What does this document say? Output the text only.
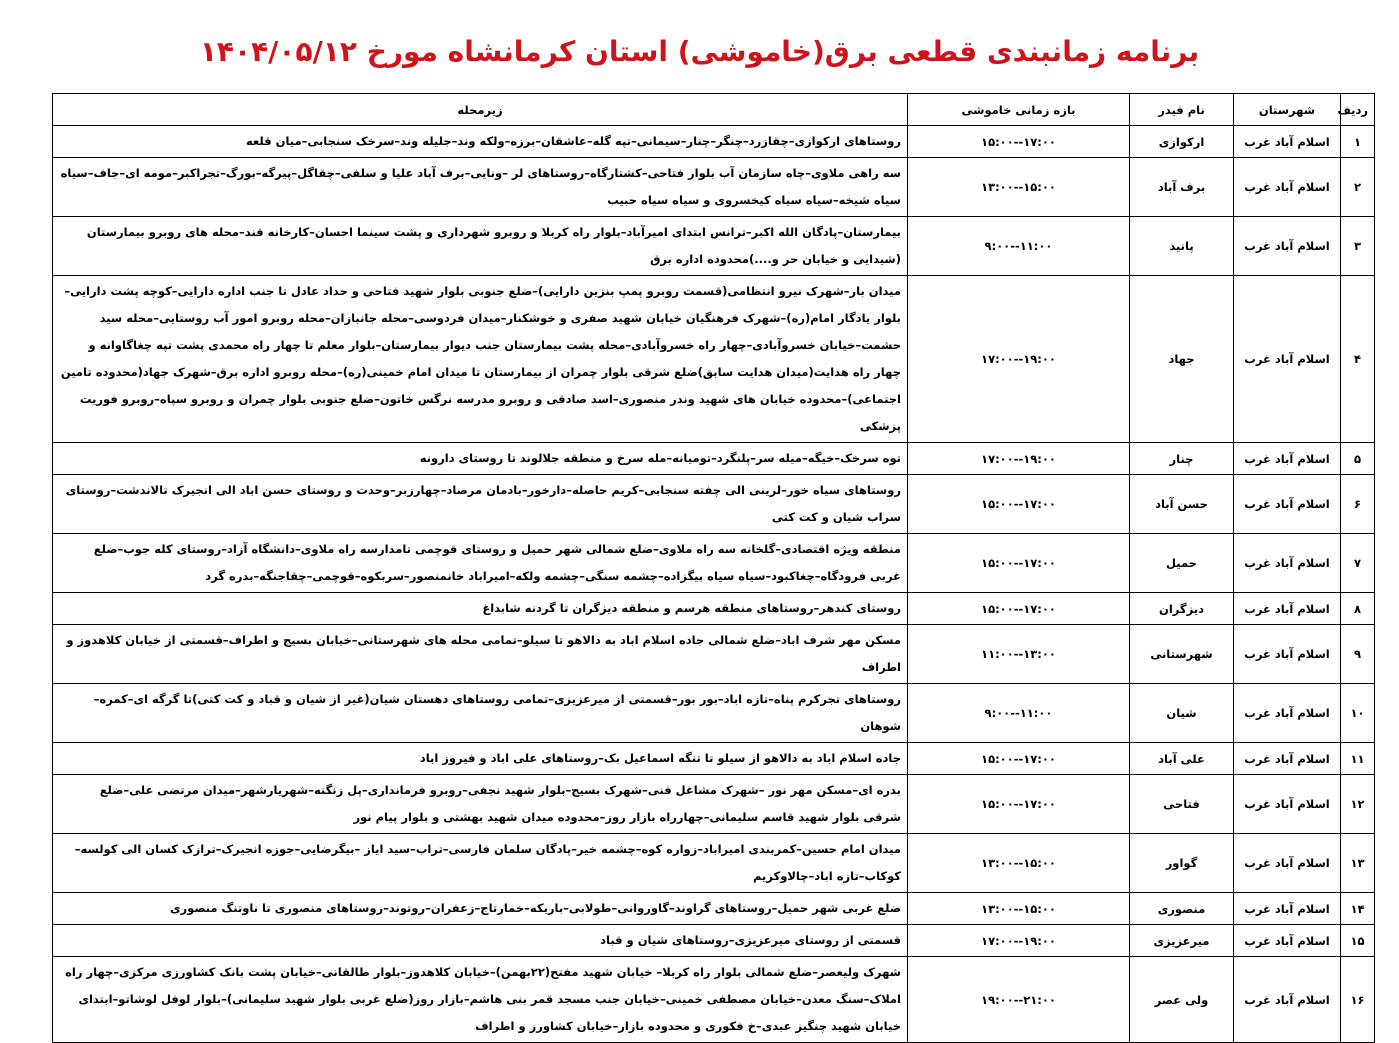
برنامه زمانبندی قطعی برق(خاموشی) استان کرمانشاه مورخ ۱۴۰۴/۰۵/۱۲
ردیف	شهرستان	نام فیدر	بازه زمانی خاموشی	زیرمحله
۱	اسلام آباد غرب	ارکوازی	۱۵:۰۰--۱۷:۰۰	روستاهای ارکوازی–چقازرد–چنگر–چنار–سیمانی–تپه گله–عاشقان–برزه–ولکه وند–جلیله وند–سرخک سنجابی–میان قلعه
۲	اسلام آباد غرب	برف آباد	۱۳:۰۰--۱۵:۰۰	سه راهی ملاوی–چاه سازمان آب بلوار فتاحی–کشتارگاه–روستاهای لر –ونایی–برف آباد علیا و سلفی–چقاگل–پیرگه–بورگ–تجراکبر–مومه ای–جاف–سیاه سیاه شیخه–سیاه سیاه کیخسروی و سیاه سیاه حبیب
۳	اسلام آباد غرب	پانیذ	۹:۰۰--۱۱:۰۰	بیمارستان–پادگان الله اکبر–ترانس ابتدای امیرآباد–بلوار راه کربلا و روبرو شهرداری و پشت سینما احسان–کارخانه قند–محله های روبرو بیمارستان (شیدایی و خیابان حر و....)محدوده اداره برق
۴	اسلام آباد غرب	جهاد	۱۷:۰۰--۱۹:۰۰	میدان بار–شهرک نیرو انتظامی(قسمت روبرو پمپ بنزین دارایی)–ضلع جنوبی بلوار شهید فتاحی و حداد عادل تا جنب اداره دارایی–کوچه پشت دارایی–بلوار یادگار امام(ره)–شهرک فرهنگیان خیابان شهید صفری و خوشکنار–میدان فردوسی–محله جانبازان–محله روبرو امور آب روستایی–محله سید حشمت–خیابان خسروآبادی–چهار راه خسروآبادی–محله پشت بیمارستان جنب دیوار بیمارستان–بلوار معلم تا چهار راه محمدی پشت تپه چغاگاوانه و چهار راه هدایت(میدان هدایت سابق)ضلع شرقی بلوار چمران از بیمارستان تا میدان امام خمینی(ره)–محله روبرو اداره برق–شهرک جهاد(محدوده تامین اجتماعی)–محدوده خیابان های شهید وندر منصوری–اسد صادقی و روبرو مدرسه نرگس خاتون–ضلع جنوبی بلوار چمران و روبرو سپاه–روبرو فوریت پزشکی
۵	اسلام آباد غرب	چنار	۱۷:۰۰--۱۹:۰۰	توه سرخک–خیگه–میله سر–پلنگرد–تومیانه–مله سرخ و منطقه جلالوند تا روستای دارونه
۶	اسلام آباد غرب	حسن آباد	۱۵:۰۰--۱۷:۰۰	روستاهای سیاه خور–لرینی الی چفته سنجابی–کریم حاصله–دارخور–بادمان مرصاد–چهارزبر–وحدت و روستای حسن اباد الی انجیرک تالاندشت–روستای سراب شیان و کت کتی
۷	اسلام آباد غرب	حمیل	۱۵:۰۰--۱۷:۰۰	منطقه ویژه اقتصادی–گلخانه سه راه ملاوی–ضلع شمالی شهر حمیل و روستای قوچمی تامدارسه راه ملاوی–دانشگاه آزاد–روستای کله جوب–ضلع غربی فرودگاه–چغاکبود–سیاه سیاه بیگزاده–چشمه سنگی–چشمه ولکه–امیراباد خانمنصور–سربکوه–قوچمی–چقاجنگه–بدره گرد
۸	اسلام آباد غرب	دیزگران	۱۵:۰۰--۱۷:۰۰	روستای کندهر–روستاهای منطقه هرسم و منطقه دیزگران تا گردنه شابداغ
۹	اسلام آباد غرب	شهرستانی	۱۱:۰۰--۱۳:۰۰	مسکن مهر شرف اباد–ضلع شمالی جاده اسلام اباد به دالاهو تا سیلو–تمامی محله های شهرستانی–خیابان بسیج و اطراف–قسمتی از خیابان کلاهدوز و اطراف
۱۰	اسلام آباد غرب	شیان	۹:۰۰--۱۱:۰۰	روستاهای تجرکرم پناه–تازه اباد–بور بور–قسمتی از میرعزیزی–تمامی روستاهای دهستان شیان(غیر از شیان و قباد و کت کتی)تا گرگه ای–کمره–شوهان
۱۱	اسلام آباد غرب	علی آباد	۱۵:۰۰--۱۷:۰۰	جاده اسلام اباد به دالاهو از سیلو تا تنگه اسماعیل بک–روستاهای علی اباد و فیروز اباد
۱۲	اسلام آباد غرب	فتاحی	۱۵:۰۰--۱۷:۰۰	بدره ای–مسکن مهر نور –شهرک مشاغل فنی–شهرک بسیج–بلوار شهید نجفی–روبرو فرمانداری–پل زنگنه–شهریارشهر–میدان مرتضی علی–ضلع شرقی بلوار شهید قاسم سلیمانی–چهارراه بازار روز–محدوده میدان شهید بهشتی و بلوار پیام نور
۱۳	اسلام آباد غرب	گواور	۱۳:۰۰--۱۵:۰۰	میدان امام حسین–کمربندی امیراباد–زواره کوه–چشمه خیر–پادگان سلمان فارسی–تراب–سید ایاز –بیگرضایی–جوزه انجیرک–ترازک کسان الی کولسه–کوکاب–تازه اباد–چالاوکریم
۱۴	اسلام آباد غرب	منصوری	۱۳:۰۰--۱۵:۰۰	ضلع غربی شهر حمیل–روستاهای گراوند–گاوروانی–طولابی–باریکه–خمارتاج–زعفران–روتوند–روستاهای منصوری تا ناوتنگ منصوری
۱۵	اسلام آباد غرب	میرعزیزی	۱۷:۰۰--۱۹:۰۰	قسمتی از روستای میرعزیزی–روستاهای شیان و قباد
۱۶	اسلام آباد غرب	ولی عصر	۱۹:۰۰--۲۱:۰۰	شهرک ولیعصر–ضلع شمالی بلوار راه کربلا– خیابان شهید مفتح(۲۲بهمن)–خیابان کلاهدوز–بلوار طالقانی–خیابان پشت بانک کشاورزی مرکزی–چهار راه املاک–سنگ معدن–خیابان مصطفی خمینی–خیابان جنب مسجد قمر بنی هاشم–بازار روز(ضلع غربی بلوار شهید سلیمانی)–بلوار لوفل لوشاتو–ابتدای خیابان شهید چنگیز عبدی–خ فکوری و محدوده بازار–خیابان کشاورز و اطراف
